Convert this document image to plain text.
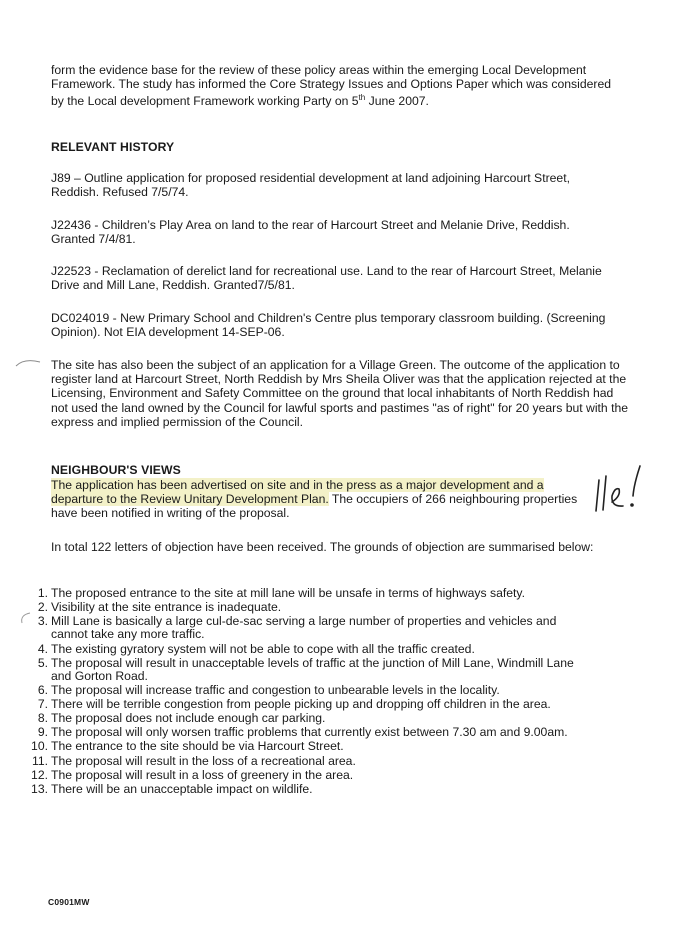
form the evidence base for the review of these policy areas within the emerging Local Development Framework. The study has informed the Core Strategy Issues and Options Paper which was considered by the Local development Framework working Party on 5th June 2007.
RELEVANT HISTORY
J89 – Outline application for proposed residential development at land adjoining Harcourt Street, Reddish. Refused 7/5/74.
J22436 - Children’s Play Area on land to the rear of Harcourt Street and Melanie Drive, Reddish. Granted 7/4/81.
J22523 - Reclamation of derelict land for recreational use. Land to the rear of Harcourt Street, Melanie Drive and Mill Lane, Reddish. Granted7/5/81.
DC024019 - New Primary School and Children's Centre plus temporary classroom building. (Screening Opinion). Not EIA development 14-SEP-06.
The site has also been the subject of an application for a Village Green. The outcome of the application to register land at Harcourt Street, North Reddish by Mrs Sheila Oliver was that the application rejected at the Licensing, Environment and Safety Committee on the ground that local inhabitants of North Reddish had not used the land owned by the Council for lawful sports and pastimes "as of right" for 20 years but with the express and implied permission of the Council.
NEIGHBOUR'S VIEWS
The application has been advertised on site and in the press as a major development and a departure to the Review Unitary Development Plan. The occupiers of 266 neighbouring properties have been notified in writing of the proposal.
In total 122 letters of objection have been received. The grounds of objection are summarised below:
1. The proposed entrance to the site at mill lane will be unsafe in terms of highways safety.
2. Visibility at the site entrance is inadequate.
3. Mill Lane is basically a large cul-de-sac serving a large number of properties and vehicles and cannot take any more traffic.
4. The existing gyratory system will not be able to cope with all the traffic created.
5. The proposal will result in unacceptable levels of traffic at the junction of Mill Lane, Windmill Lane and Gorton Road.
6. The proposal will increase traffic and congestion to unbearable levels in the locality.
7. There will be terrible congestion from people picking up and dropping off children in the area.
8. The proposal does not include enough car parking.
9. The proposal will only worsen traffic problems that currently exist between 7.30 am and 9.00am.
10. The entrance to the site should be via Harcourt Street.
11. The proposal will result in the loss of a recreational area.
12. The proposal will result in a loss of greenery in the area.
13. There will be an unacceptable impact on wildlife.
C0901MW
